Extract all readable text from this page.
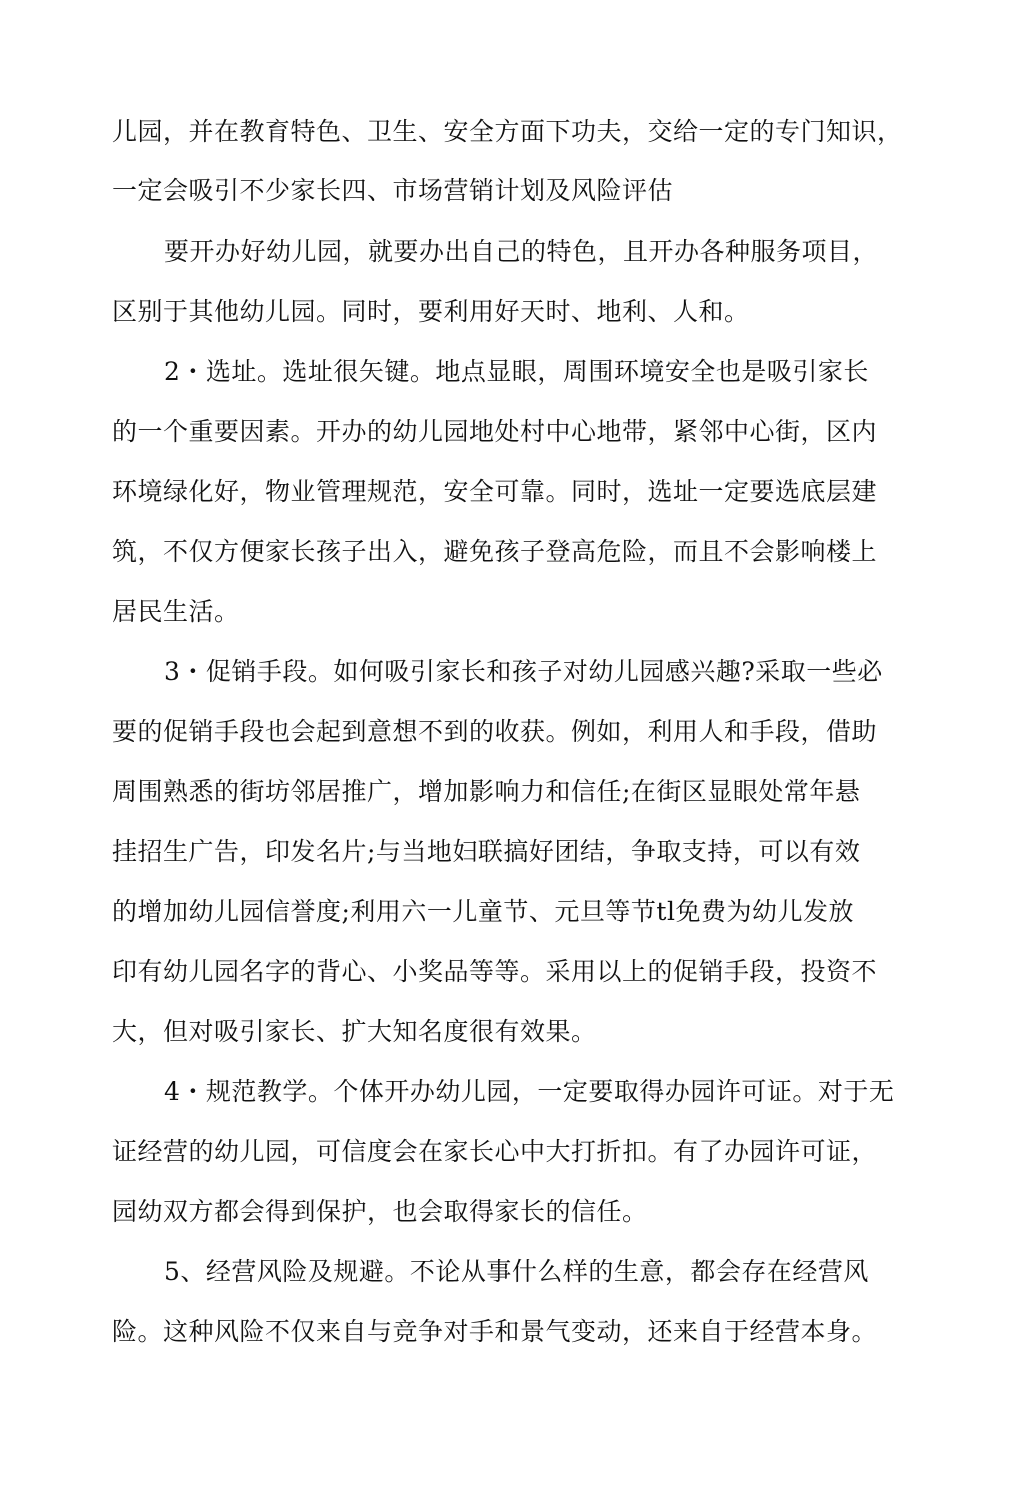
儿园，并在教育特色、卫生、安全方面下功夫，交给一定的专门知识，
一定会吸引不少家长四、市场营销计划及风险评估
要开办好幼儿园，就要办出自己的特色，且开办各种服务项目，
区别于其他幼儿园。同时，要利用好天时、地利、人和。
2・选址。选址很矢键。地点显眼，周围环境安全也是吸引家长
的一个重要因素。开办的幼儿园地处村中心地带，紧邻中心街，区内
环境绿化好，物业管理规范，安全可靠。同时，选址一定要选底层建
筑，不仅方便家长孩子出入，避免孩子登高危险，而且不会影响楼上
居民生活。
3・促销手段。如何吸引家长和孩子对幼儿园感兴趣?采取一些必
要的促销手段也会起到意想不到的收获。例如，利用人和手段，借助
周围熟悉的街坊邻居推广，增加影响力和信任;在街区显眼处常年悬
挂招生广告，印发名片;与当地妇联搞好团结，争取支持，可以有效
的增加幼儿园信誉度;利用六一儿童节、元旦等节tl免费为幼儿发放
印有幼儿园名字的背心、小奖品等等。采用以上的促销手段，投资不
大，但对吸引家长、扩大知名度很有效果。
4・规范教学。个体开办幼儿园，一定要取得办园许可证。对于无
证经营的幼儿园，可信度会在家长心中大打折扣。有了办园许可证，
园幼双方都会得到保护，也会取得家长的信任。
5、经营风险及规避。不论从事什么样的生意，都会存在经营风
险。这种风险不仅来自与竞争对手和景气变动，还来自于经营本身。
